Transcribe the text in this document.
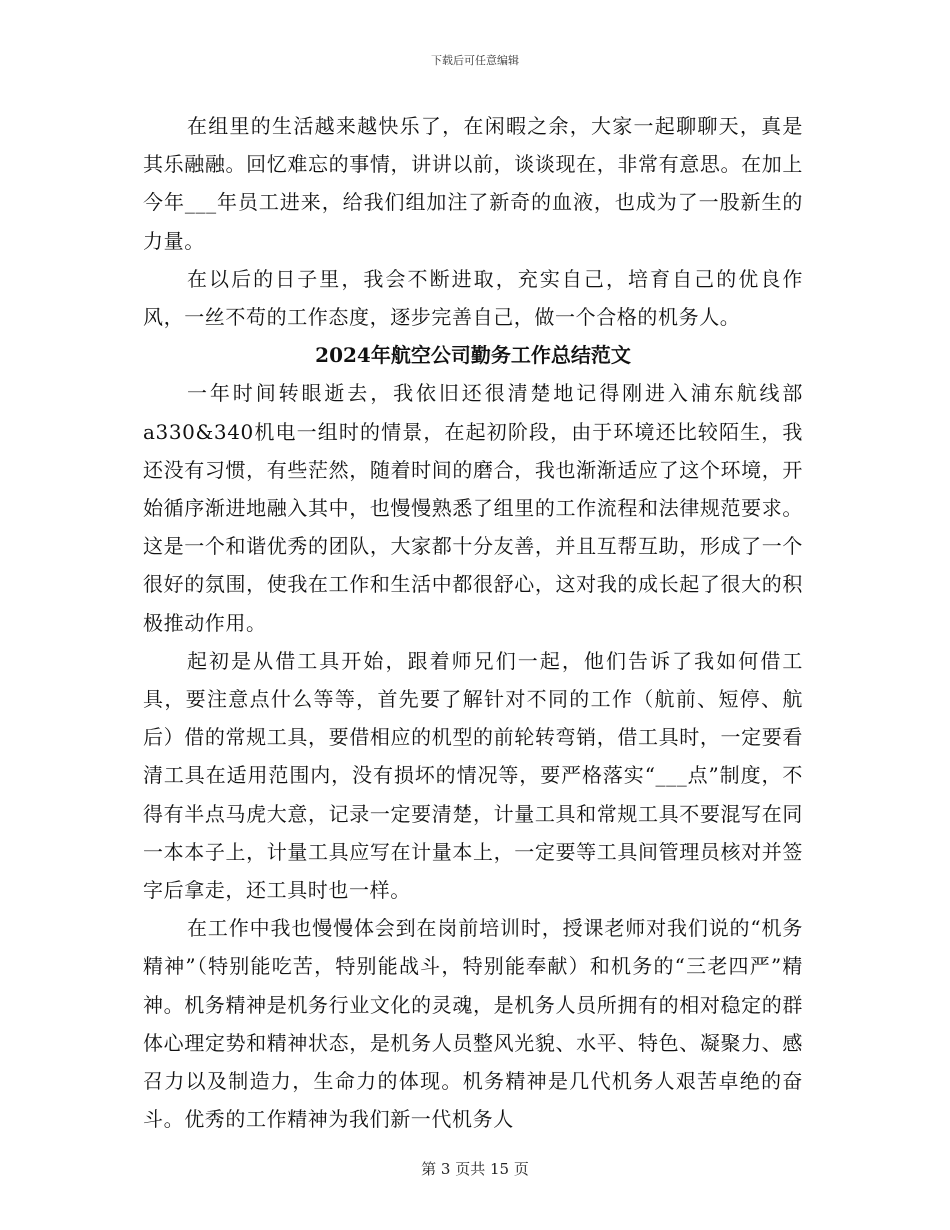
下载后可任意编辑

在组里的生活越来越快乐了，在闲暇之余，大家一起聊聊天，真是其乐融融。回忆难忘的事情，讲讲以前，谈谈现在，非常有意思。在加上今年___年员工进来，给我们组加注了新奇的血液，也成为了一股新生的力量。

在以后的日子里，我会不断进取，充实自己，培育自己的优良作风，一丝不苟的工作态度，逐步完善自己，做一个合格的机务人。

2024年航空公司勤务工作总结范文

一年时间转眼逝去，我依旧还很清楚地记得刚进入浦东航线部a330&340机电一组时的情景，在起初阶段，由于环境还比较陌生，我还没有习惯，有些茫然，随着时间的磨合，我也渐渐适应了这个环境，开始循序渐进地融入其中，也慢慢熟悉了组里的工作流程和法律规范要求。这是一个和谐优秀的团队，大家都十分友善，并且互帮互助，形成了一个很好的氛围，使我在工作和生活中都很舒心，这对我的成长起了很大的积极推动作用。

起初是从借工具开始，跟着师兄们一起，他们告诉了我如何借工具，要注意点什么等等，首先要了解针对不同的工作（航前、短停、航后）借的常规工具，要借相应的机型的前轮转弯销，借工具时，一定要看清工具在适用范围内，没有损坏的情况等，要严格落实“___点”制度，不得有半点马虎大意，记录一定要清楚，计量工具和常规工具不要混写在同一本本子上，计量工具应写在计量本上，一定要等工具间管理员核对并签字后拿走，还工具时也一样。

在工作中我也慢慢体会到在岗前培训时，授课老师对我们说的“机务精神”（特别能吃苦，特别能战斗，特别能奉献）和机务的“三老四严”精神。机务精神是机务行业文化的灵魂，是机务人员所拥有的相对稳定的群体心理定势和精神状态，是机务人员整风光貌、水平、特色、凝聚力、感召力以及制造力，生命力的体现。机务精神是几代机务人艰苦卓绝的奋斗。优秀的工作精神为我们新一代机务人

第 3 页共 15 页
